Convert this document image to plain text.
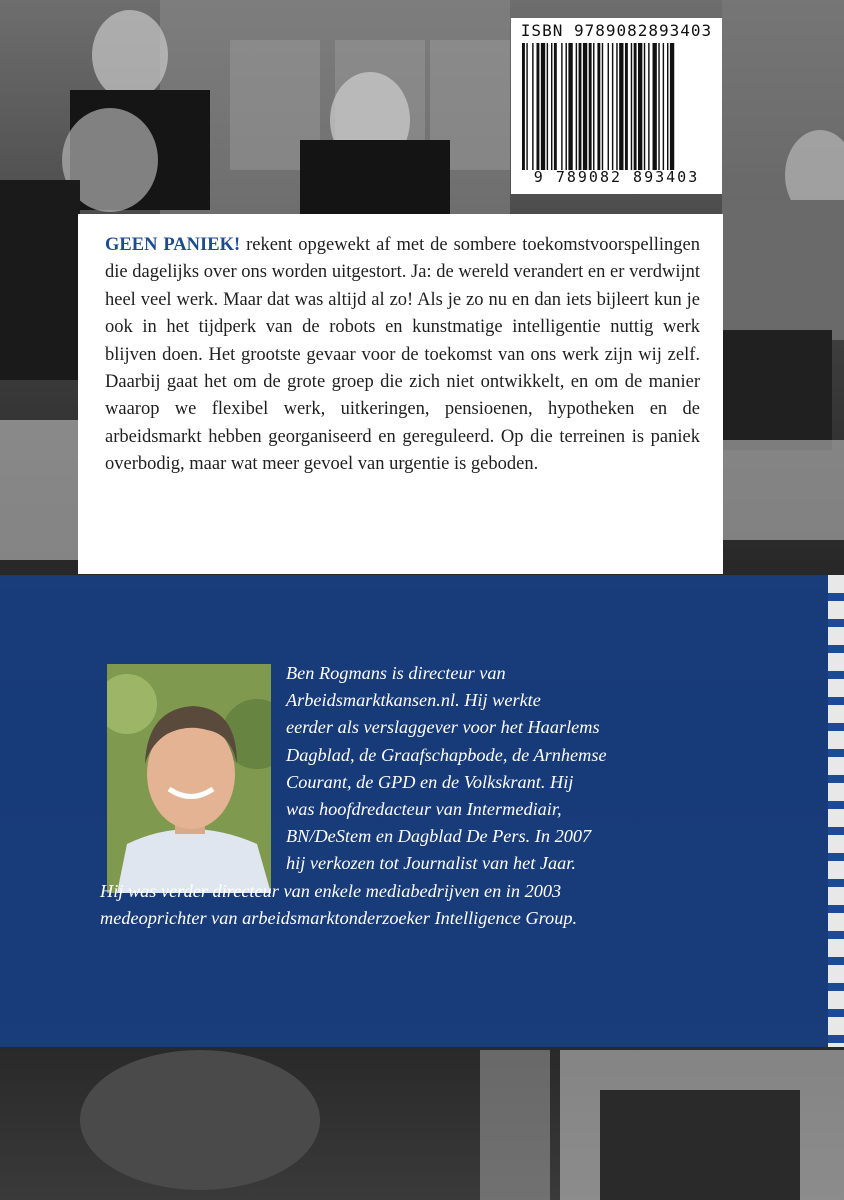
ISBN 9789082893403
9 789082 893403

GEEN PANIEK! rekent opgewekt af met de sombere toekomstvoorspellingen die dagelijks over ons worden uitgestort. Ja: de wereld verandert en er verdwijnt heel veel werk. Maar dat was altijd al zo! Als je zo nu en dan iets bijleert kun je ook in het tijdperk van de robots en kunstmatige intelligentie nuttig werk blijven doen. Het grootste gevaar voor de toekomst van ons werk zijn wij zelf. Daarbij gaat het om de grote groep die zich niet ontwikkelt, en om de manier waarop we flexibel werk, uitkeringen, pensioenen, hypotheken en de arbeidsmarkt hebben georganiseerd en gereguleerd. Op die terreinen is paniek overbodig, maar wat meer gevoel van urgentie is geboden.

Ben Rogmans is directeur van
Arbeidsmarktkansen.nl. Hij werkte
eerder als verslaggever voor het Haarlems
Dagblad, de Graafschapbode, de Arnhemse
Courant, de GPD en de Volkskrant. Hij
was hoofdredacteur van Intermediair,
BN/DeStem en Dagblad De Pers. In 2007
hij verkozen tot Journalist van het Jaar.
Hij was verder directeur van enkele mediabedrijven en in 2003
medeoprichter van arbeidsmarktonderzoeker Intelligence Group.
